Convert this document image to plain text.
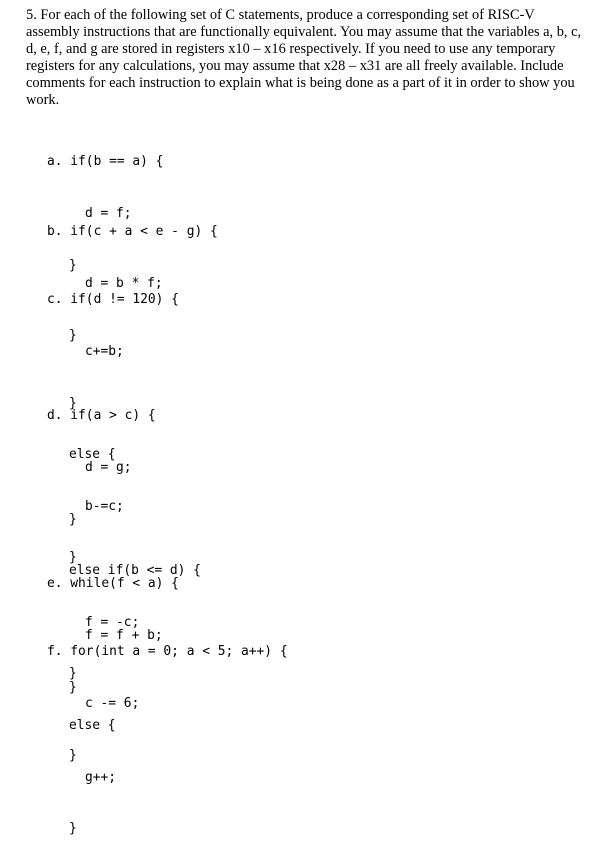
5. For each of the following set of C statements, produce a corresponding set of RISC-V
assembly instructions that are functionally equivalent. You may assume that the variables a, b, c,
d, e, f, and g are stored in registers x10 – x16 respectively. If you need to use any temporary
registers for any calculations, you may assume that x28 – x31 are all freely available. Include
comments for each instruction to explain what is being done as a part of it in order to show you
work.

a. if(b == a) {

d = f;

}

b. if(c + a < e - g) {

d = b * f;

}

c. if(d != 120) {

c+=b;

}

else {

b-=c;

}

d. if(a > c) {

d = g;

}

else if(b <= d) {

f = -c;

}

else {

g++;

}

e. while(f < a) {

f = f + b;

}

f. for(int a = 0; a < 5; a++) {

c -= 6;

}
